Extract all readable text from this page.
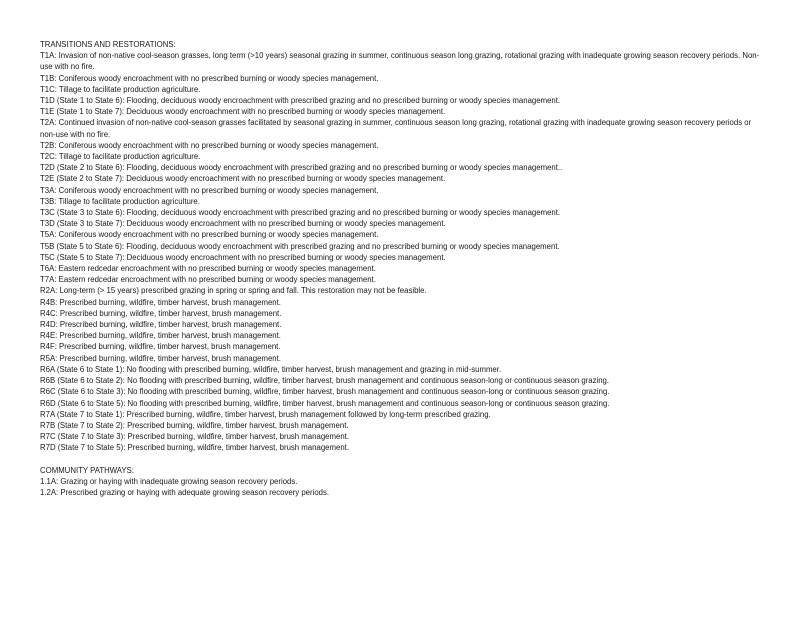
TRANSITIONS AND RESTORATIONS:
T1A: Invasion of non-native cool-season grasses, long term (>10 years) seasonal grazing in summer, continuous season long grazing, rotational grazing with inadequate growing season recovery periods. Non-use with no fire.
T1B: Coniferous woody encroachment with no prescribed burning or woody species management.
T1C: Tillage to facilitate production agriculture.
T1D (State 1 to State 6): Flooding, deciduous woody encroachment with prescribed grazing and no prescribed burning or woody species management.
T1E (State 1 to State 7): Deciduous woody encroachment with no prescribed burning or woody species management.
T2A: Continued invasion of non-native cool-season grasses facilitated by seasonal grazing in summer, continuous season long grazing, rotational grazing with inadequate growing season recovery periods or non-use with no fire.
T2B: Coniferous woody encroachment with no prescribed burning or woody species management.
T2C: Tillage to facilitate production agriculture.
T2D (State 2 to State 6): Flooding, deciduous woody encroachment with prescribed grazing and no prescribed burning or woody species management..
T2E (State 2 to State 7): Deciduous woody encroachment with no prescribed burning or woody species management.
T3A: Coniferous woody encroachment with no prescribed burning or woody species management.
T3B: Tillage to facilitate production agriculture.
T3C (State 3 to State 6): Flooding, deciduous woody encroachment with prescribed grazing and no prescribed burning or woody species management.
T3D (State 3 to State 7): Deciduous woody encroachment with no prescribed burning or woody species management.
T5A: Coniferous woody encroachment with no prescribed burning or woody species management.
T5B (State 5 to State 6): Flooding, deciduous woody encroachment with prescribed grazing and no prescribed burning or woody species management.
T5C (State 5 to State 7): Deciduous woody encroachment with no prescribed burning or woody species management.
T6A: Eastern redcedar encroachment with no prescribed burning or woody species management.
T7A: Eastern redcedar encroachment with no prescribed burning or woody species management.
R2A: Long-term (> 15 years) prescribed grazing in spring or spring and fall. This restoration may not be feasible.
R4B: Prescribed burning, wildfire, timber harvest, brush management.
R4C: Prescribed burning, wildfire, timber harvest, brush management.
R4D: Prescribed burning, wildfire, timber harvest, brush management.
R4E: Prescribed burning, wildfire, timber harvest, brush management.
R4F: Prescribed burning, wildfire, timber harvest, brush management.
R5A: Prescribed burning, wildfire, timber harvest, brush management.
R6A (State 6 to State 1): No flooding with prescribed burning, wildfire, timber harvest, brush management and grazing in mid-summer.
R6B (State 6 to State 2): No flooding with prescribed burning, wildfire, timber harvest, brush management and continuous season-long or continuous season grazing.
R6C (State 6 to State 3): No flooding with prescribed burning, wildfire, timber harvest, brush management and continuous season-long or continuous season grazing.
R6D (State 6 to State 5): No flooding with prescribed burning, wildfire, timber harvest, brush management and continuous season-long or continuous season grazing.
R7A (State 7 to State 1): Prescribed burning, wildfire, timber harvest, brush management followed by long-term prescribed grazing.
R7B (State 7 to State 2): Prescribed burning, wildfire, timber harvest, brush management.
R7C (State 7 to State 3): Prescribed burning, wildfire, timber harvest, brush management.
R7D (State 7 to State 5): Prescribed burning, wildfire, timber harvest, brush management.
COMMUNITY PATHWAYS:
1.1A: Grazing or haying with inadequate growing season recovery periods.
1.2A: Prescribed grazing or haying with adequate growing season recovery periods.
